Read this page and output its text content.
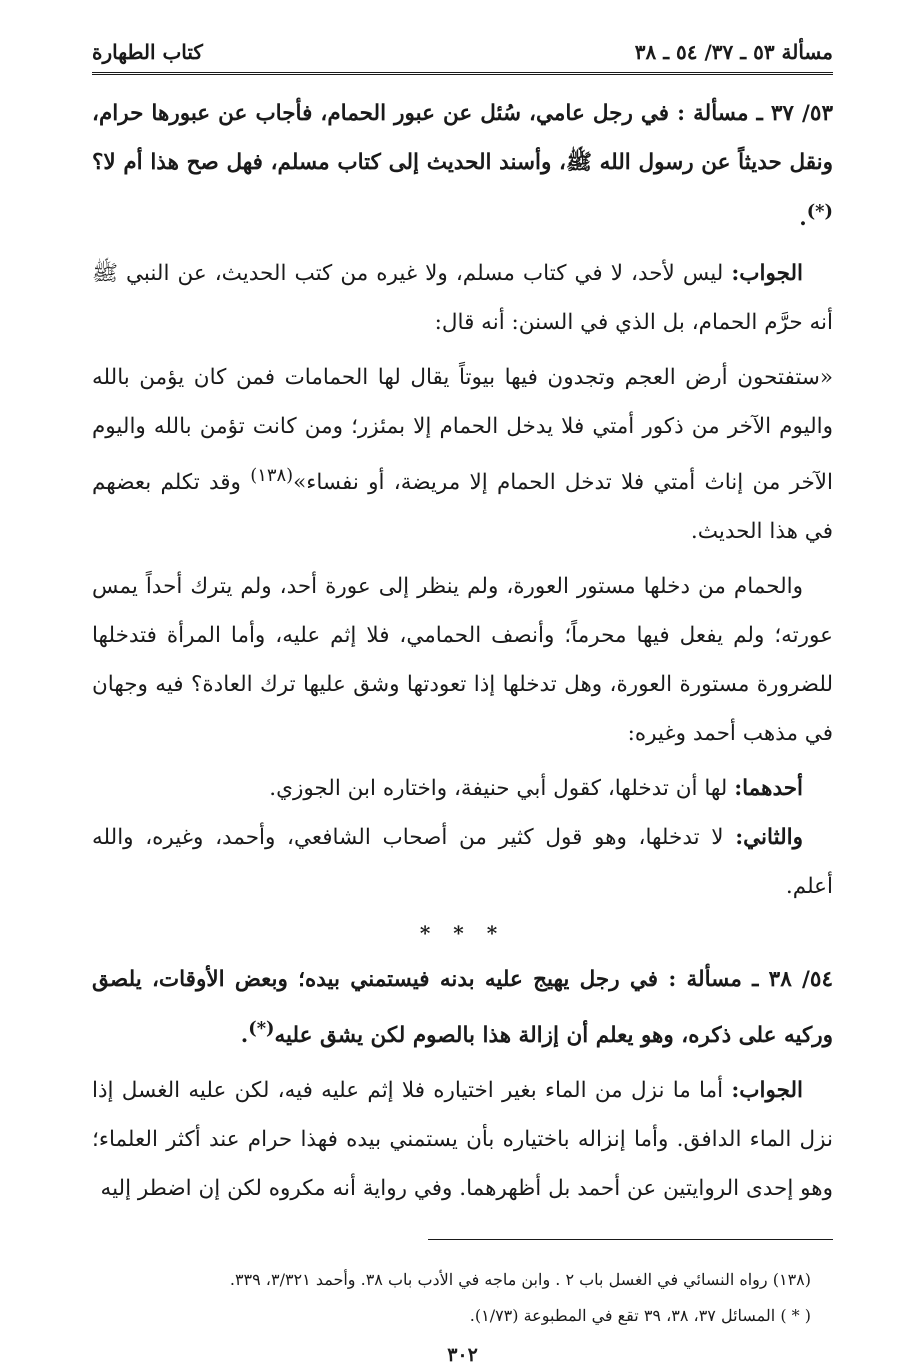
مسألة ٥٣ ـ ٣٧/ ٥٤ ـ ٣٨
كتاب الطهارة

٥٣/ ٣٧ ـ مسألة : في رجل عامي، سُئل عن عبور الحمام، فأجاب عن عبورها حرام، ونقل حديثاً عن رسول الله ﷺ، وأسند الحديث إلى كتاب مسلم، فهل صح هذا أم لا؟(*).

الجواب: ليس لأحد، لا في كتاب مسلم، ولا غيره من كتب الحديث، عن النبي ﷺ أنه حرَّم الحمام، بل الذي في السنن: أنه قال:

«ستفتحون أرض العجم وتجدون فيها بيوتاً يقال لها الحمامات فمن كان يؤمن بالله واليوم الآخر من ذكور أمتي فلا يدخل الحمام إلا بمئزر؛ ومن كانت تؤمن بالله واليوم الآخر من إناث أمتي فلا تدخل الحمام إلا مريضة، أو نفساء»$^{(١٣٨)}$ وقد تكلم بعضهم في هذا الحديث.

والحمام من دخلها مستور العورة، ولم ينظر إلى عورة أحد، ولم يترك أحداً يمس عورته؛ ولم يفعل فيها محرماً؛ وأنصف الحمامي، فلا إثم عليه، وأما المرأة فتدخلها للضرورة مستورة العورة، وهل تدخلها إذا تعودتها وشق عليها ترك العادة؟ فيه وجهان في مذهب أحمد وغيره:

أحدهما: لها أن تدخلها، كقول أبي حنيفة، واختاره ابن الجوزي.

والثاني: لا تدخلها، وهو قول كثير من أصحاب الشافعي، وأحمد، وغيره، والله أعلم.

* * *

٥٤/ ٣٨ ـ مسألة : في رجل يهيج عليه بدنه فيستمني بيده؛ وبعض الأوقات، يلصق وركيه على ذكره، وهو يعلم أن إزالة هذا بالصوم لكن يشق عليه(*).

الجواب: أما ما نزل من الماء بغير اختياره فلا إثم عليه فيه، لكن عليه الغسل إذا نزل الماء الدافق. وأما إنزاله باختياره بأن يستمني بيده فهذا حرام عند أكثر العلماء؛ وهو إحدى الروايتين عن أحمد بل أظهرهما. وفي رواية أنه مكروه لكن إن اضطر إليه

(١٣٨) رواه النسائي في الغسل باب ٢ . وابن ماجه في الأدب باب ٣٨. وأحمد ٣/٣٢١، ٣٣٩.

( * ) المسائل ٣٧، ٣٨، ٣٩ تقع في المطبوعة (١/٧٣).

٣٠٢
